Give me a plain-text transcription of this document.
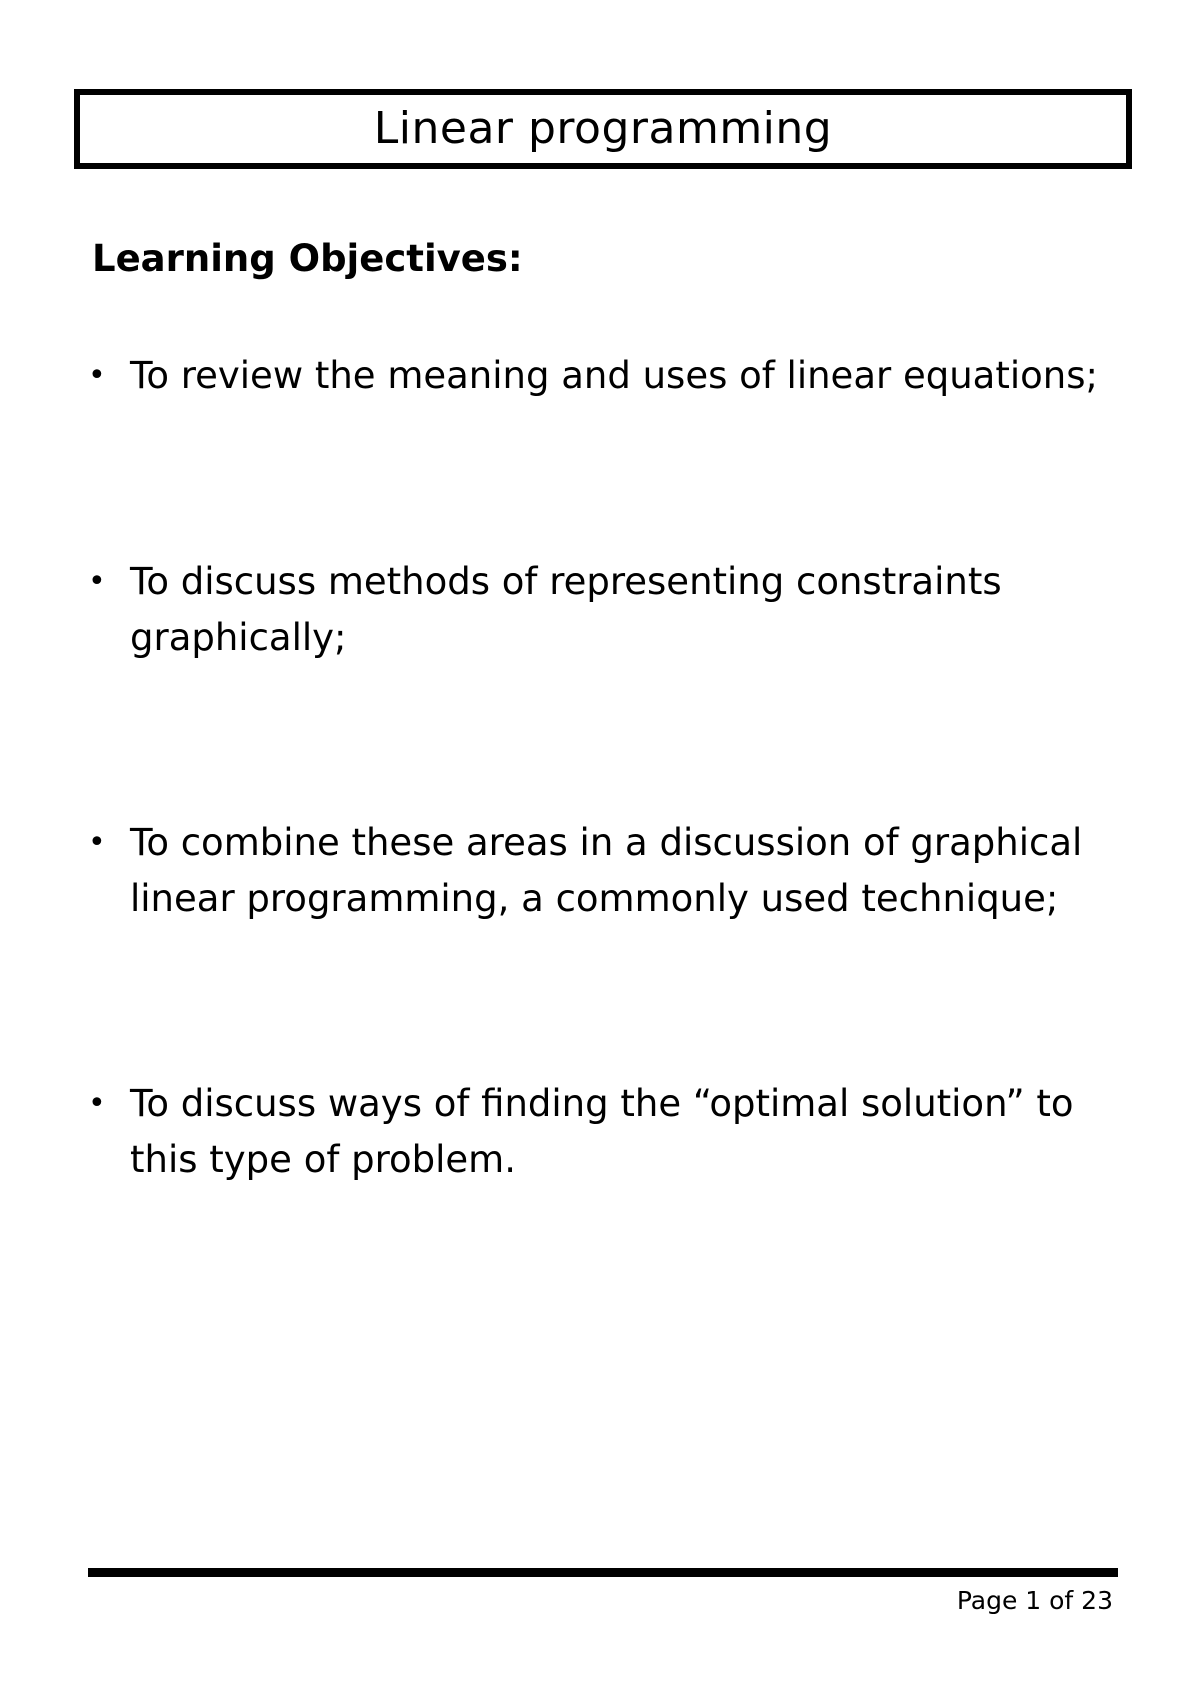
Linear programming
Learning Objectives:
• To review the meaning and uses of linear equations;
• To discuss methods of representing constraints graphically;
• To combine these areas in a discussion of graphical linear programming, a commonly used technique;
• To discuss ways of finding the “optimal solution” to this type of problem.
Page 1 of 23
